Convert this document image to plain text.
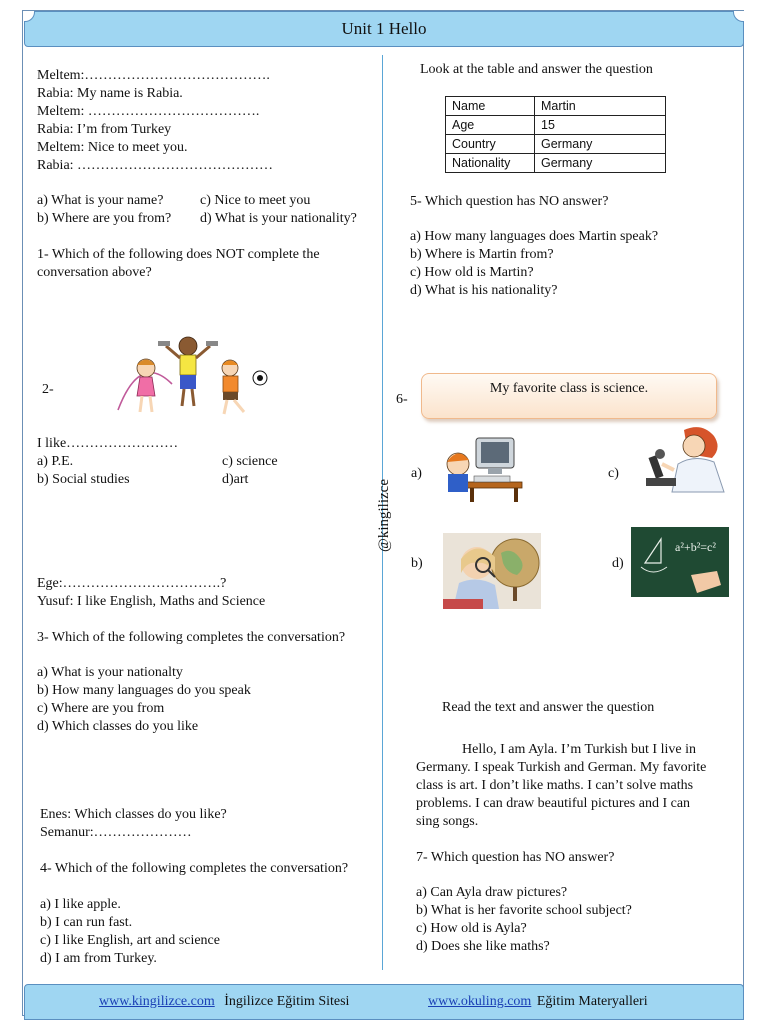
Unit 1 Hello
@kingilizce
Meltem:………………………………….
Rabia: My name is Rabia.
Meltem: ……………………………….
Rabia: I’m from Turkey
Meltem: Nice to meet you.
Rabia: ……………………………………
a) What is your name?	c) Nice to meet you
b) Where are you from? d) What is your nationality?
1- Which of the following does NOT complete the
conversation above?
2-
I like……………………
a) P.E.	c) science
b) Social studies	d)art
Ege:…………………………….?
Yusuf: I like English, Maths and Science
3- Which of the following completes the conversation?
a) What is your nationalty
b) How many languages do you speak
c) Where are you from
d) Which classes do you like
Enes: Which classes do you like?
Semanur:…………………
4- Which of the following completes the conversation?
a) I like apple.
b) I can run fast.
c) I like English, art and science
d) I am from Turkey.
Look at the table and answer the question
Name	Martin
Age	15
Country	Germany
Nationality	Germany
5- Which question has NO answer?
a) How many languages does Martin speak?
b) Where is Martin from?
c) How old is Martin?
d) What is his nationality?
6-
My favorite class is science.
a)	c)
b)	d)
a²+b²=c²
Read the text and answer the question
Hello, I am Ayla. I’m Turkish but I live in
Germany. I speak Turkish and German. My favorite
class is art. I don’t like maths. I can’t solve maths
problems. I can draw beautiful pictures and I can
sing songs.
7- Which question has NO answer?
a) Can Ayla draw pictures?
b) What is her favorite school subject?
c) How old is Ayla?
d) Does she like maths?
www.kingilizce.com İngilizce Eğitim Sitesi	www.okuling.com Eğitim Materyalleri
